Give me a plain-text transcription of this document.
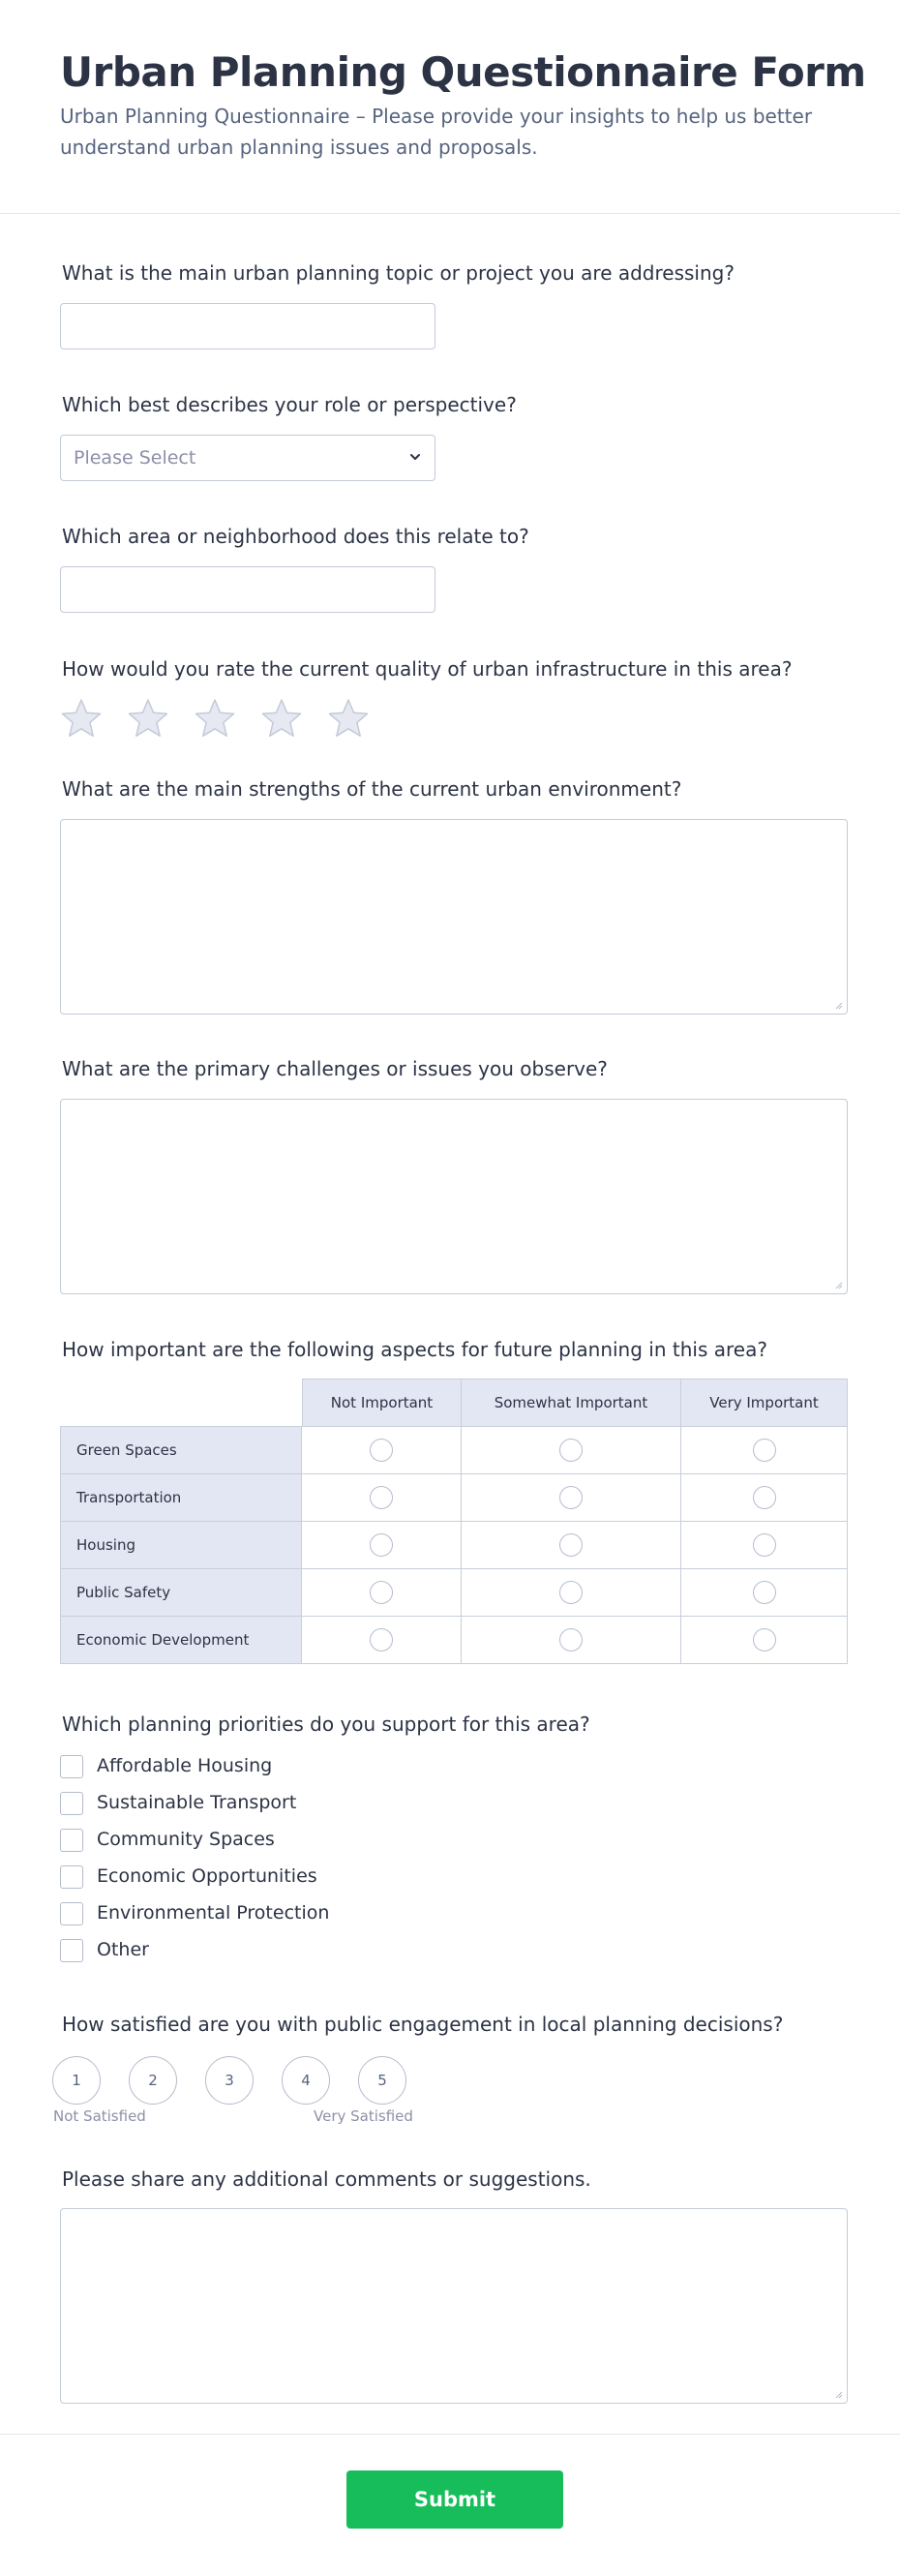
Urban Planning Questionnaire Form
Urban Planning Questionnaire – Please provide your insights to help us better understand urban planning issues and proposals.
What is the main urban planning topic or project you are addressing?
Which best describes your role or perspective?
Please Select
Which area or neighborhood does this relate to?
How would you rate the current quality of urban infrastructure in this area?
What are the main strengths of the current urban environment?
What are the primary challenges or issues you observe?
How important are the following aspects for future planning in this area?
Not Important	Somewhat Important	Very Important
Green Spaces
Transportation
Housing
Public Safety
Economic Development
Which planning priorities do you support for this area?
Affordable Housing
Sustainable Transport
Community Spaces
Economic Opportunities
Environmental Protection
Other
How satisfied are you with public engagement in local planning decisions?
1	2	3	4	5
Not Satisfied	Very Satisfied
Please share any additional comments or suggestions.
Submit
